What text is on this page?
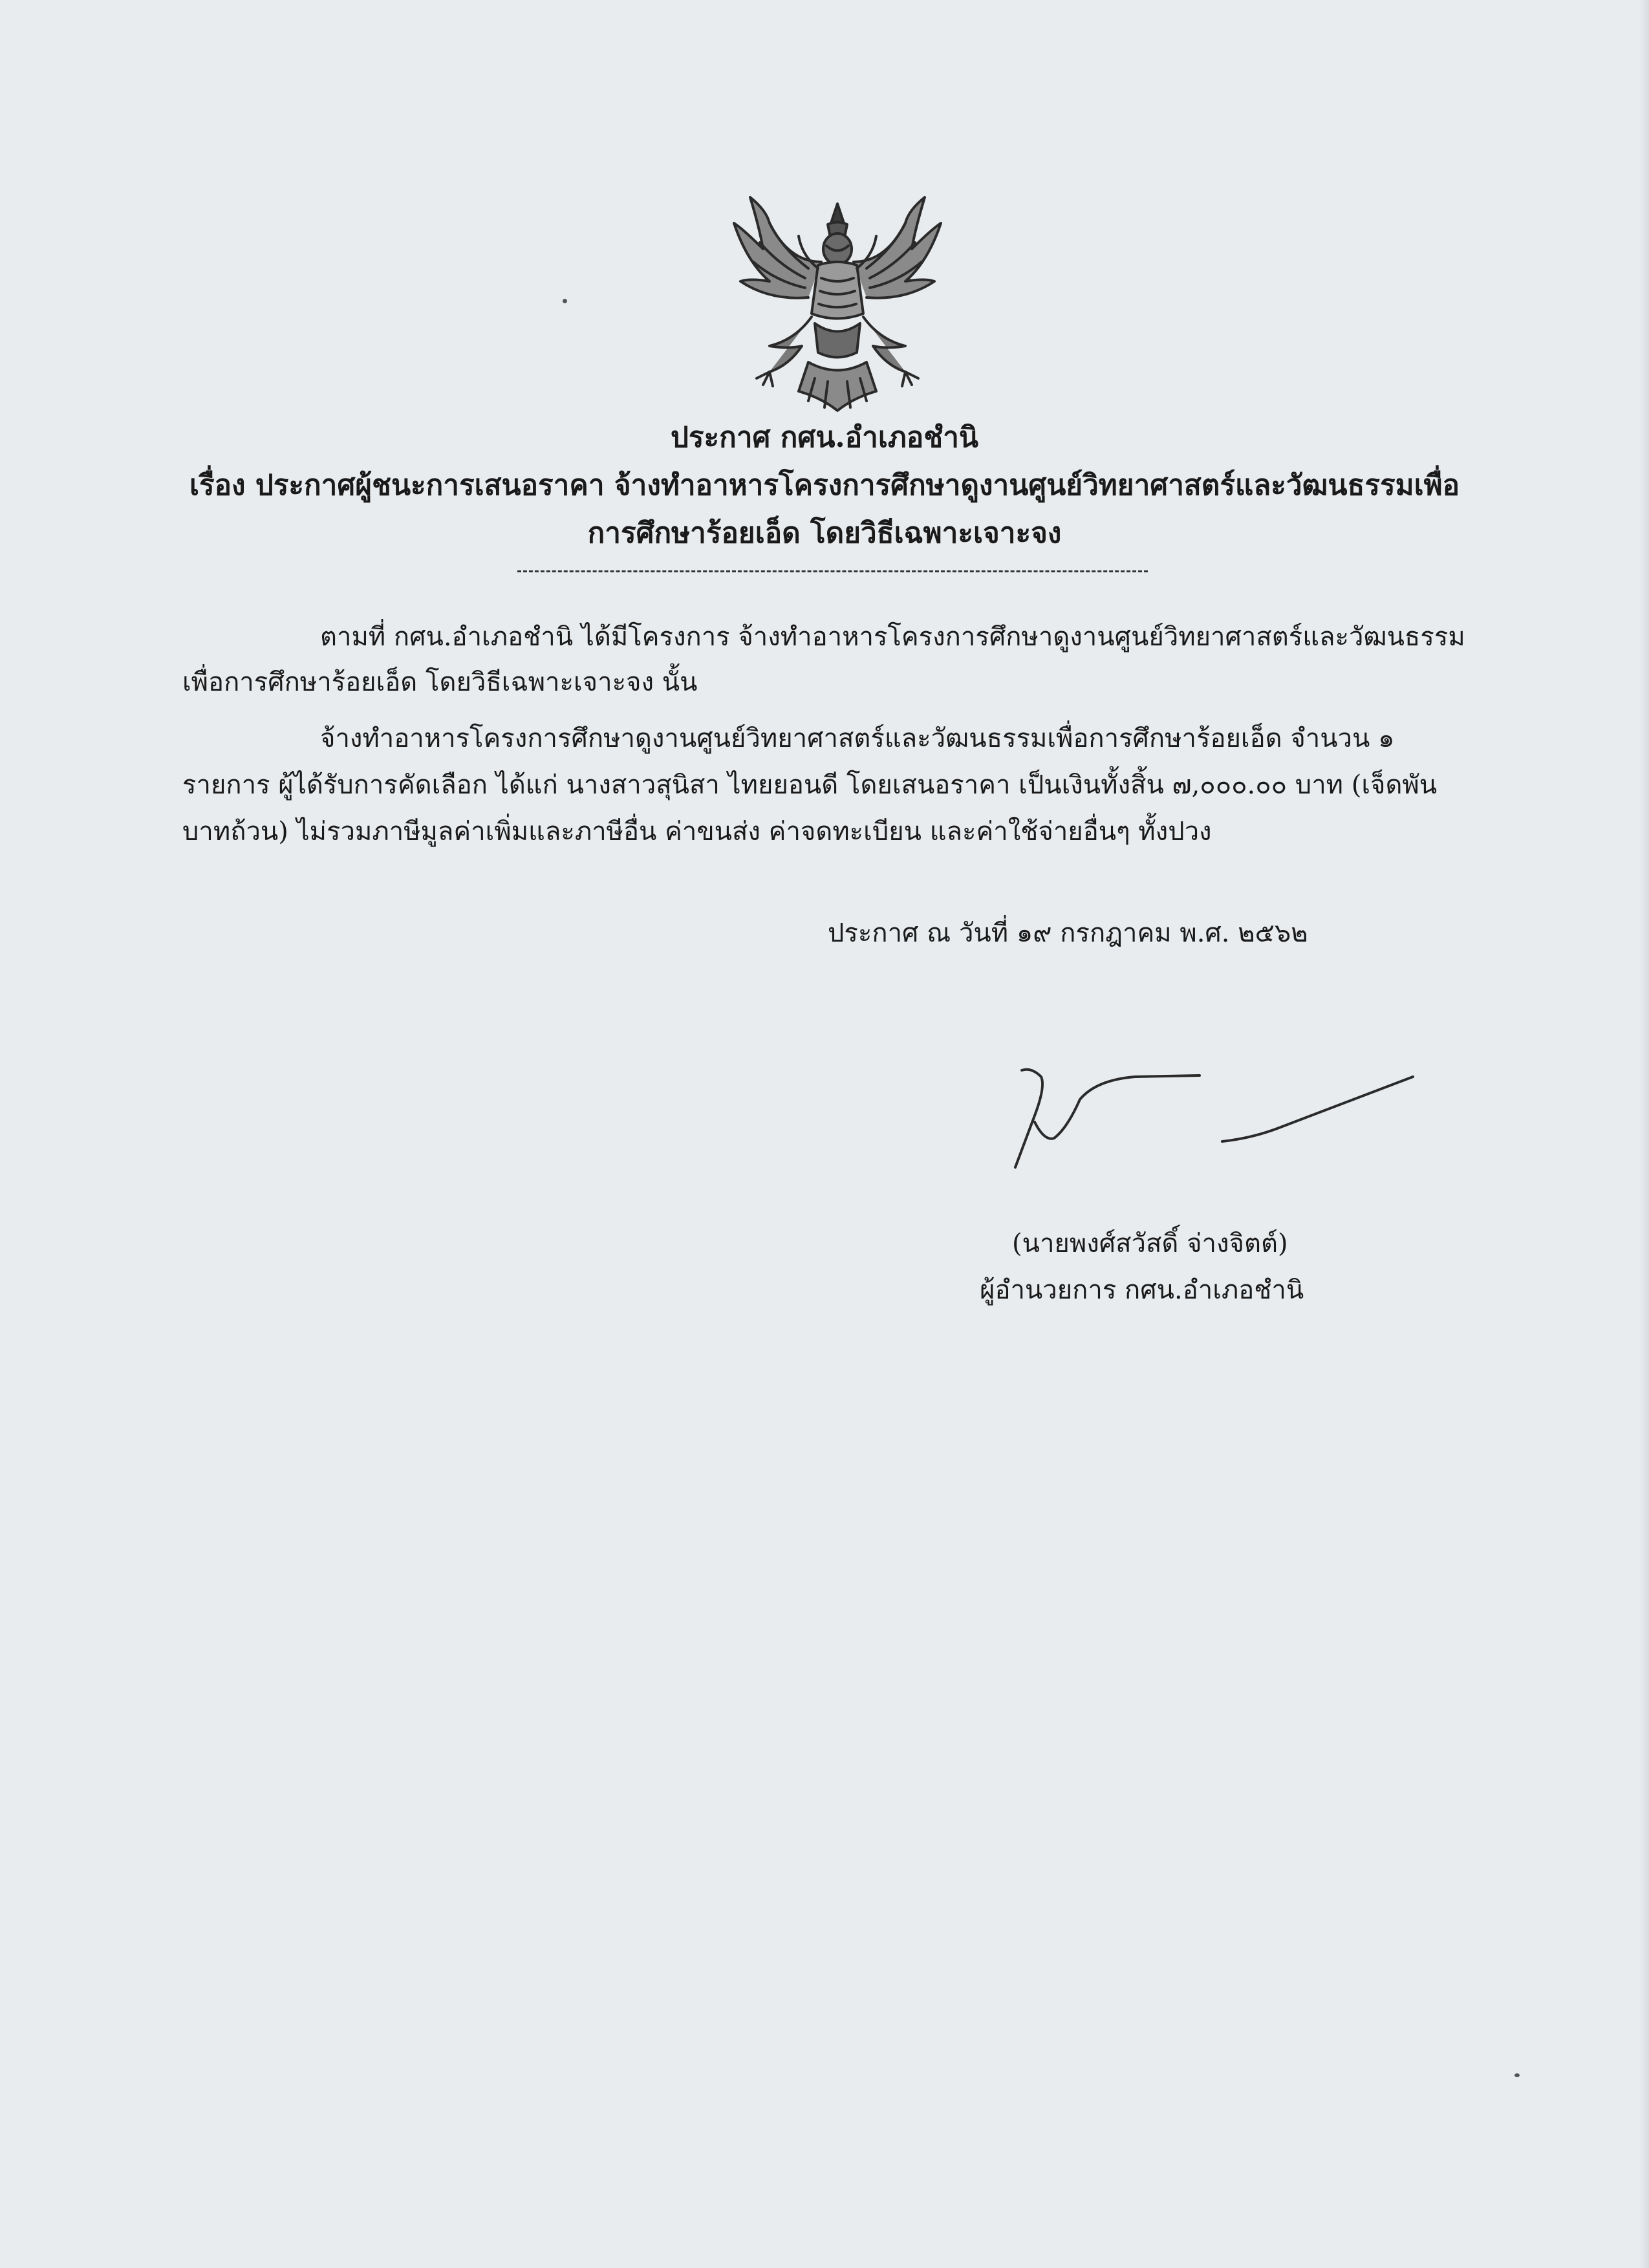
ประกาศ กศน.อำเภอชำนิ
เรื่อง ประกาศผู้ชนะการเสนอราคา จ้างทำอาหารโครงการศึกษาดูงานศูนย์วิทยาศาสตร์และวัฒนธรรมเพื่อ
การศึกษาร้อยเอ็ด โดยวิธีเฉพาะเจาะจง
ตามที่ กศน.อำเภอชำนิ ได้มีโครงการ จ้างทำอาหารโครงการศึกษาดูงานศูนย์วิทยาศาสตร์และวัฒนธรรม
เพื่อการศึกษาร้อยเอ็ด โดยวิธีเฉพาะเจาะจง นั้น
จ้างทำอาหารโครงการศึกษาดูงานศูนย์วิทยาศาสตร์และวัฒนธรรมเพื่อการศึกษาร้อยเอ็ด จำนวน ๑
รายการ ผู้ได้รับการคัดเลือก ได้แก่ นางสาวสุนิสา ไทยยอนดี โดยเสนอราคา เป็นเงินทั้งสิ้น ๗,๐๐๐.๐๐ บาท (เจ็ดพัน
บาทถ้วน) ไม่รวมภาษีมูลค่าเพิ่มและภาษีอื่น ค่าขนส่ง ค่าจดทะเบียน และค่าใช้จ่ายอื่นๆ ทั้งปวง
ประกาศ ณ วันที่ ๑๙ กรกฎาคม พ.ศ. ๒๕๖๒
(นายพงศ์สวัสดิ์ จ่างจิตต์)
ผู้อำนวยการ กศน.อำเภอชำนิ
